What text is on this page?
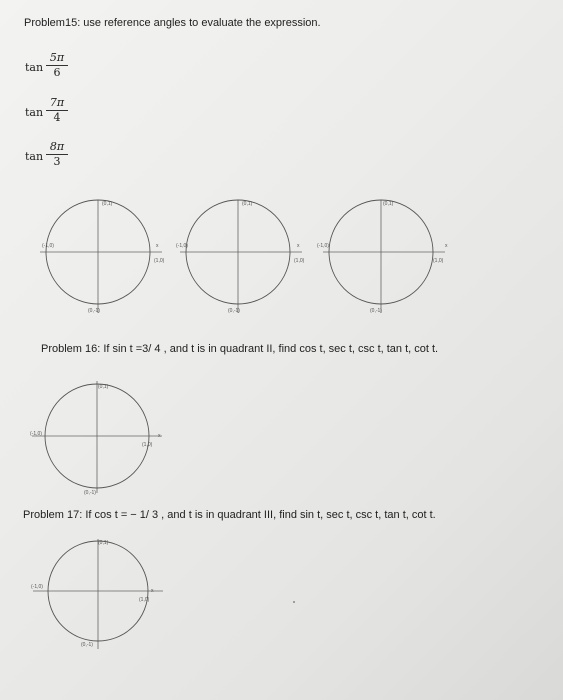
Problem15: use reference angles to evaluate the expression.
tan
5π
6
tan
7π
4
tan
8π
3
(0,1)
(-1,0)
(1,0)
x
(0,-1)
(0,1)
(-1,0)
(1,0)
x
(0,-1)
(0,1)
(-1,0)
(1,0)
x
(0,-1)
Problem 16: If sin t =3/ 4 , and t is in quadrant II, find cos t, sec t, csc t, tan t, cot t.
(0,1)
(-1,0)
(1,0)
x
(0,-1)
Problem 17: If cos t = − 1/ 3 , and t is in quadrant III, find sin t, sec t, csc t, tan t, cot t.
(0,1)
(-1,0)
(1,0)
x
(0,-1)
